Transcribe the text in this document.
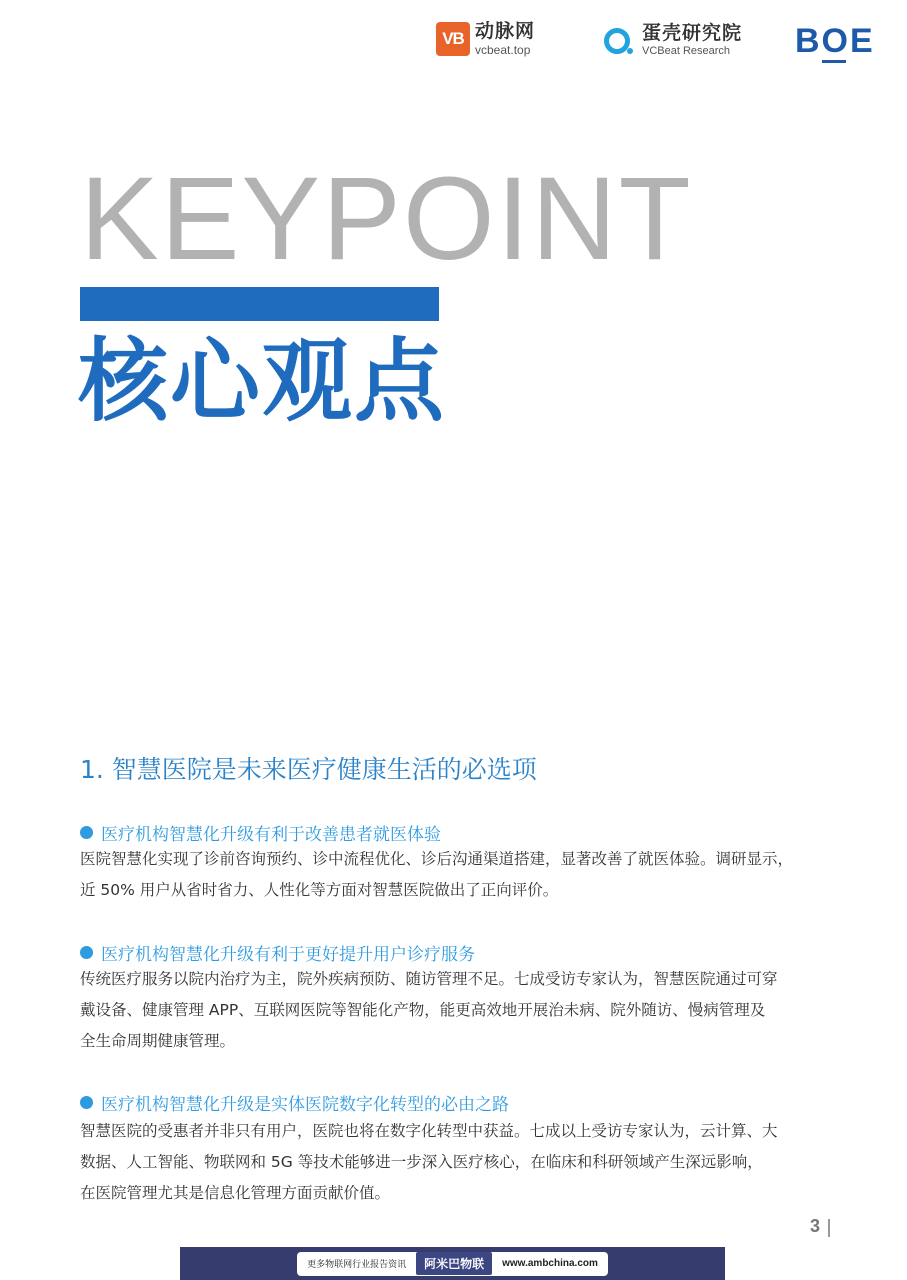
VB 动脉网
vcbeat.top
蛋壳研究院
VCBeat Research	BOE
KEYPOINT
核心观点
1. 智慧医院是未来医疗健康生活的必选项
医疗机构智慧化升级有利于改善患者就医体验
医院智慧化实现了诊前咨询预约、诊中流程优化、诊后沟通渠道搭建，显著改善了就医体验。调研显示，
近 50% 用户从省时省力、人性化等方面对智慧医院做出了正向评价。
医疗机构智慧化升级有利于更好提升用户诊疗服务
传统医疗服务以院内治疗为主，院外疾病预防、随访管理不足。七成受访专家认为，智慧医院通过可穿
戴设备、健康管理 APP、互联网医院等智能化产物，能更高效地开展治未病、院外随访、慢病管理及
全生命周期健康管理。
医疗机构智慧化升级是实体医院数字化转型的必由之路
智慧医院的受惠者并非只有用户，医院也将在数字化转型中获益。七成以上受访专家认为，云计算、大
数据、人工智能、物联网和 5G 等技术能够进一步深入医疗核心，在临床和科研领域产生深远影响，
在医院管理尤其是信息化管理方面贡献价值。
3
更多物联网行业报告资讯	阿米巴物联	www.ambchina.com
